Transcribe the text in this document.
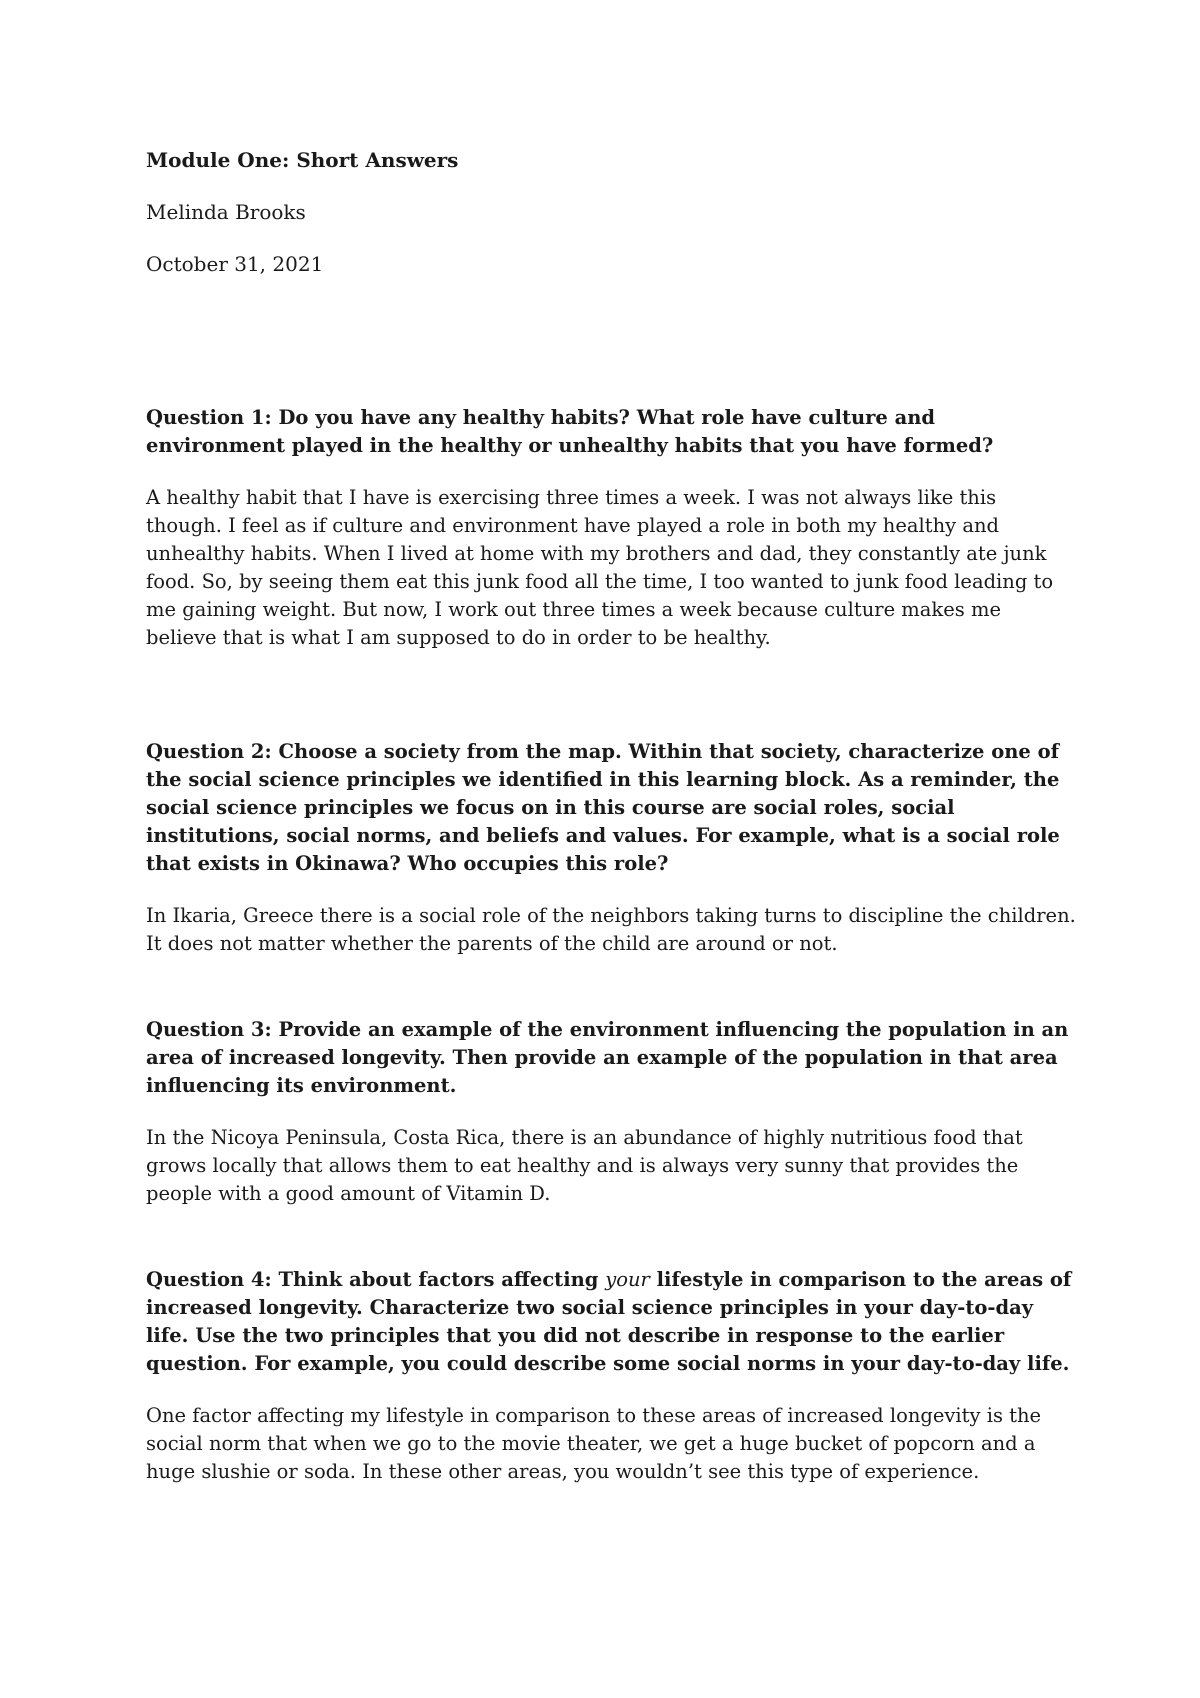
Module One: Short Answers

Melinda Brooks

October 31, 2021

Question 1: Do you have any healthy habits? What role have culture and environment played in the healthy or unhealthy habits that you have formed?

A healthy habit that I have is exercising three times a week. I was not always like this though. I feel as if culture and environment have played a role in both my healthy and unhealthy habits. When I lived at home with my brothers and dad, they constantly ate junk food. So, by seeing them eat this junk food all the time, I too wanted to junk food leading to me gaining weight. But now, I work out three times a week because culture makes me believe that is what I am supposed to do in order to be healthy.

Question 2: Choose a society from the map. Within that society, characterize one of the social science principles we identified in this learning block. As a reminder, the social science principles we focus on in this course are social roles, social institutions, social norms, and beliefs and values. For example, what is a social role that exists in Okinawa? Who occupies this role?

In Ikaria, Greece there is a social role of the neighbors taking turns to discipline the children. It does not matter whether the parents of the child are around or not.

Question 3: Provide an example of the environment influencing the population in an area of increased longevity. Then provide an example of the population in that area influencing its environment.

In the Nicoya Peninsula, Costa Rica, there is an abundance of highly nutritious food that grows locally that allows them to eat healthy and is always very sunny that provides the people with a good amount of Vitamin D.

Question 4: Think about factors affecting your lifestyle in comparison to the areas of increased longevity. Characterize two social science principles in your day-to-day life. Use the two principles that you did not describe in response to the earlier question. For example, you could describe some social norms in your day-to-day life.

One factor affecting my lifestyle in comparison to these areas of increased longevity is the social norm that when we go to the movie theater, we get a huge bucket of popcorn and a huge slushie or soda. In these other areas, you wouldn’t see this type of experience.
